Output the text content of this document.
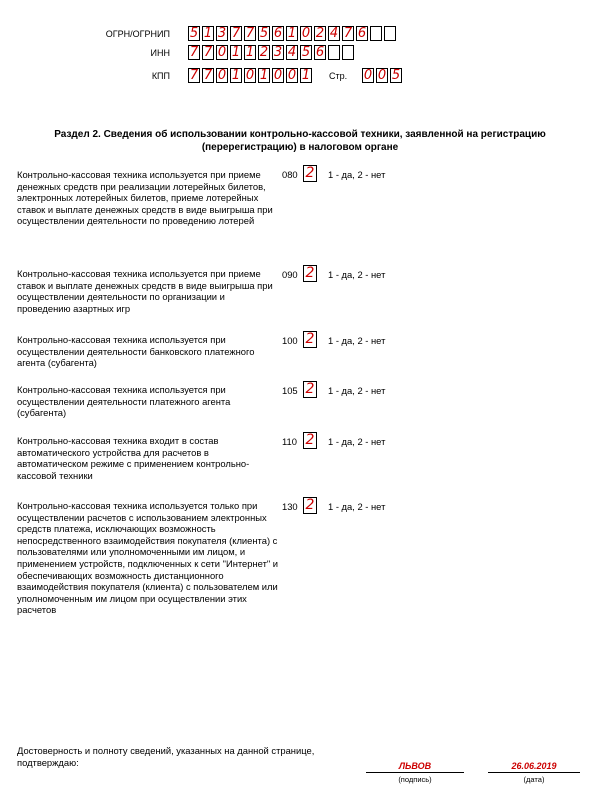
ОГРН/ОГРНИП 5 1 3 7 7 5 6 1 0 2 4 7 6
ИНН 7 7 0 1 1 2 3 4 5 6
КПП 7 7 0 1 0 1 0 0 1 Стр. 0 0 5
Раздел 2. Сведения об использовании контрольно-кассовой техники, заявленной на регистрацию
(перерегистрацию) в налоговом органе
Контрольно-кассовая техника используется при приеме денежных средств при реализации лотерейных билетов, электронных лотерейных билетов, приеме лотерейных ставок и выплате денежных средств в виде выигрыша при осуществлении деятельности по проведению лотерей
080 2 1 - да, 2 - нет
Контрольно-кассовая техника используется при приеме ставок и выплате денежных средств в виде выигрыша при осуществлении деятельности по организации и проведению азартных игр
090 2 1 - да, 2 - нет
Контрольно-кассовая техника используется при осуществлении деятельности банковского платежного агента (субагента)
100 2 1 - да, 2 - нет
Контрольно-кассовая техника используется при осуществлении деятельности платежного агента (субагента)
105 2 1 - да, 2 - нет
Контрольно-кассовая техника входит в состав автоматического устройства для расчетов в автоматическом режиме с применением контрольно-кассовой техники
110 2 1 - да, 2 - нет
Контрольно-кассовая техника используется только при осуществлении расчетов с использованием электронных средств платежа, исключающих возможность непосредственного взаимодействия покупателя (клиента) с пользователями или уполномоченными им лицом, и применением устройств, подключенных к сети "Интернет" и обеспечивающих возможность дистанционного взаимодействия покупателя (клиента) с пользователем или уполномоченным им лицом при осуществлении этих расчетов
130 2 1 - да, 2 - нет
Достоверность и полноту сведений, указанных на данной странице, подтверждаю:	ЛЬВОВ
(подпись)
26.06.2019
(дата)
